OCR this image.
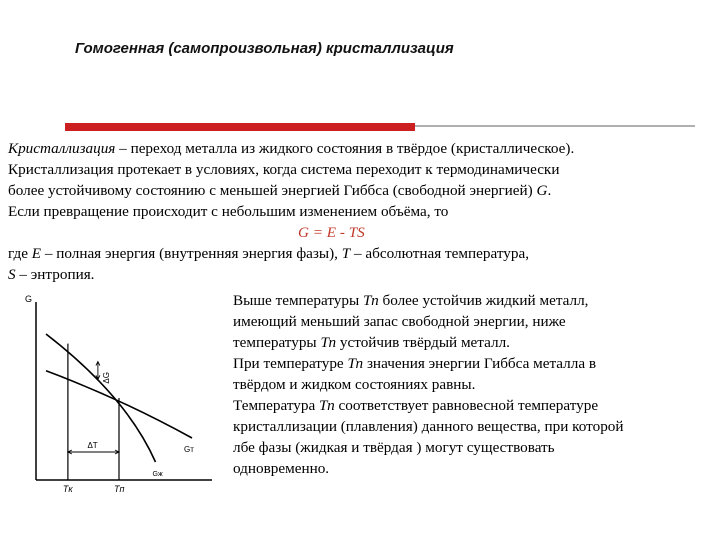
Гомогенная (самопроизвольная) кристаллизация
Кристаллизация – переход металла из жидкого состояния в твёрдое (кристаллическое).
Кристаллизация протекает в условиях, когда система переходит к термодинамически
более устойчивому состоянию с меньшей энергией Гиббса (свободной энергией) G.
Если превращение происходит с небольшим изменением объёма, то
G = E - TS
где E – полная энергия (внутренняя энергия фазы), T – абсолютная температура,
S – энтропия.
G
Tк	Tп
ΔG
ΔT	Gт
Gж
Выше температуры Тп более устойчив жидкий металл,
имеющий меньший запас свободной энергии, ниже
температуры Тп устойчив твёрдый металл.
При температуре Тп значения энергии Гиббса металла в
твёрдом и жидком состояниях равны.
Температура Тп соответствует равновесной температуре
кристаллизации (плавления) данного вещества, при которой
лбе фазы (жидкая и твёрдая ) могут существовать
одновременно.
